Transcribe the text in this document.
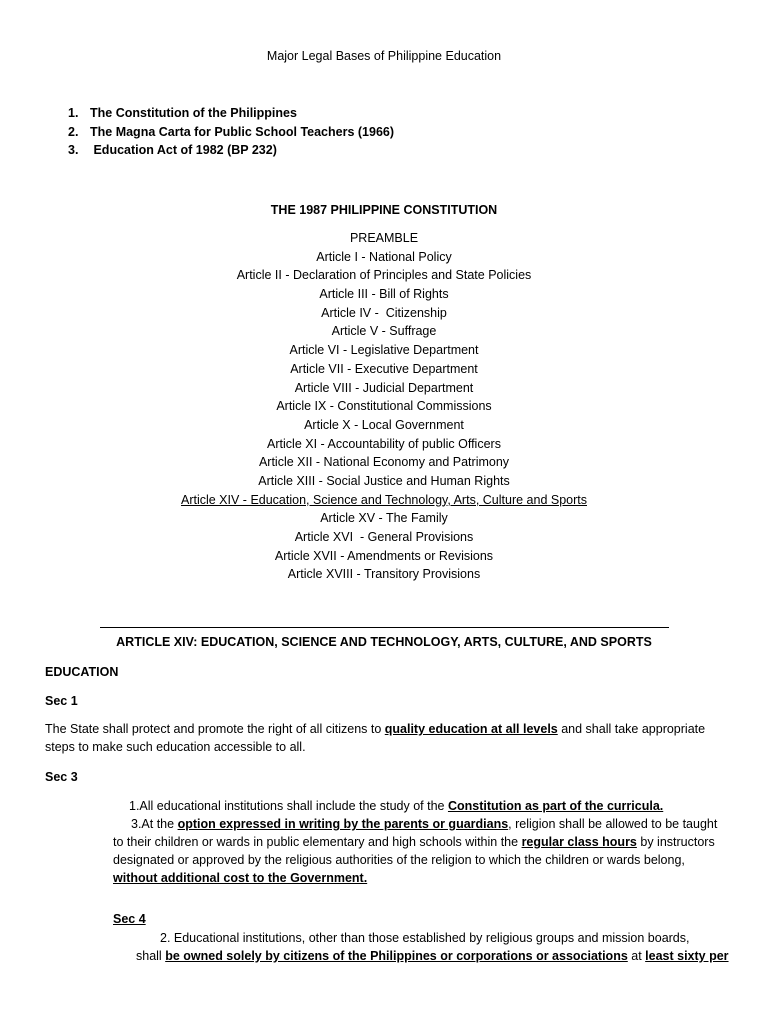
Major Legal Bases of Philippine Education
1. The Constitution of the Philippines
2. The Magna Carta for Public School Teachers (1966)
3. Education Act of 1982 (BP 232)
THE 1987 PHILIPPINE CONSTITUTION
PREAMBLE
Article I - National Policy
Article II - Declaration of Principles and State Policies
Article III - Bill of Rights
Article IV -  Citizenship
Article V - Suffrage
Article VI - Legislative Department
Article VII - Executive Department
Article VIII - Judicial Department
Article IX - Constitutional Commissions
Article X - Local Government
Article XI - Accountability of public Officers
Article XII - National Economy and Patrimony
Article XIII - Social Justice and Human Rights
Article XIV - Education, Science and Technology, Arts, Culture and Sports
Article XV - The Family
Article XVI  - General Provisions
Article XVII - Amendments or Revisions
Article XVIII - Transitory Provisions
ARTICLE XIV: EDUCATION, SCIENCE AND TECHNOLOGY, ARTS, CULTURE, AND SPORTS
EDUCATION
Sec 1
The State shall protect and promote the right of all citizens to quality education at all levels and shall take appropriate steps to make such education accessible to all.
Sec 3
1.All educational institutions shall include the study of the Constitution as part of the curricula.
3.At the option expressed in writing by the parents or guardians, religion shall be allowed to be taught to their children or wards in public elementary and high schools within the regular class hours by instructors designated or approved by the religious authorities of the religion to which the children or wards belong, without additional cost to the Government.
Sec 4
2. Educational institutions, other than those established by religious groups and mission boards,
shall be owned solely by citizens of the Philippines or corporations or associations at least sixty per
